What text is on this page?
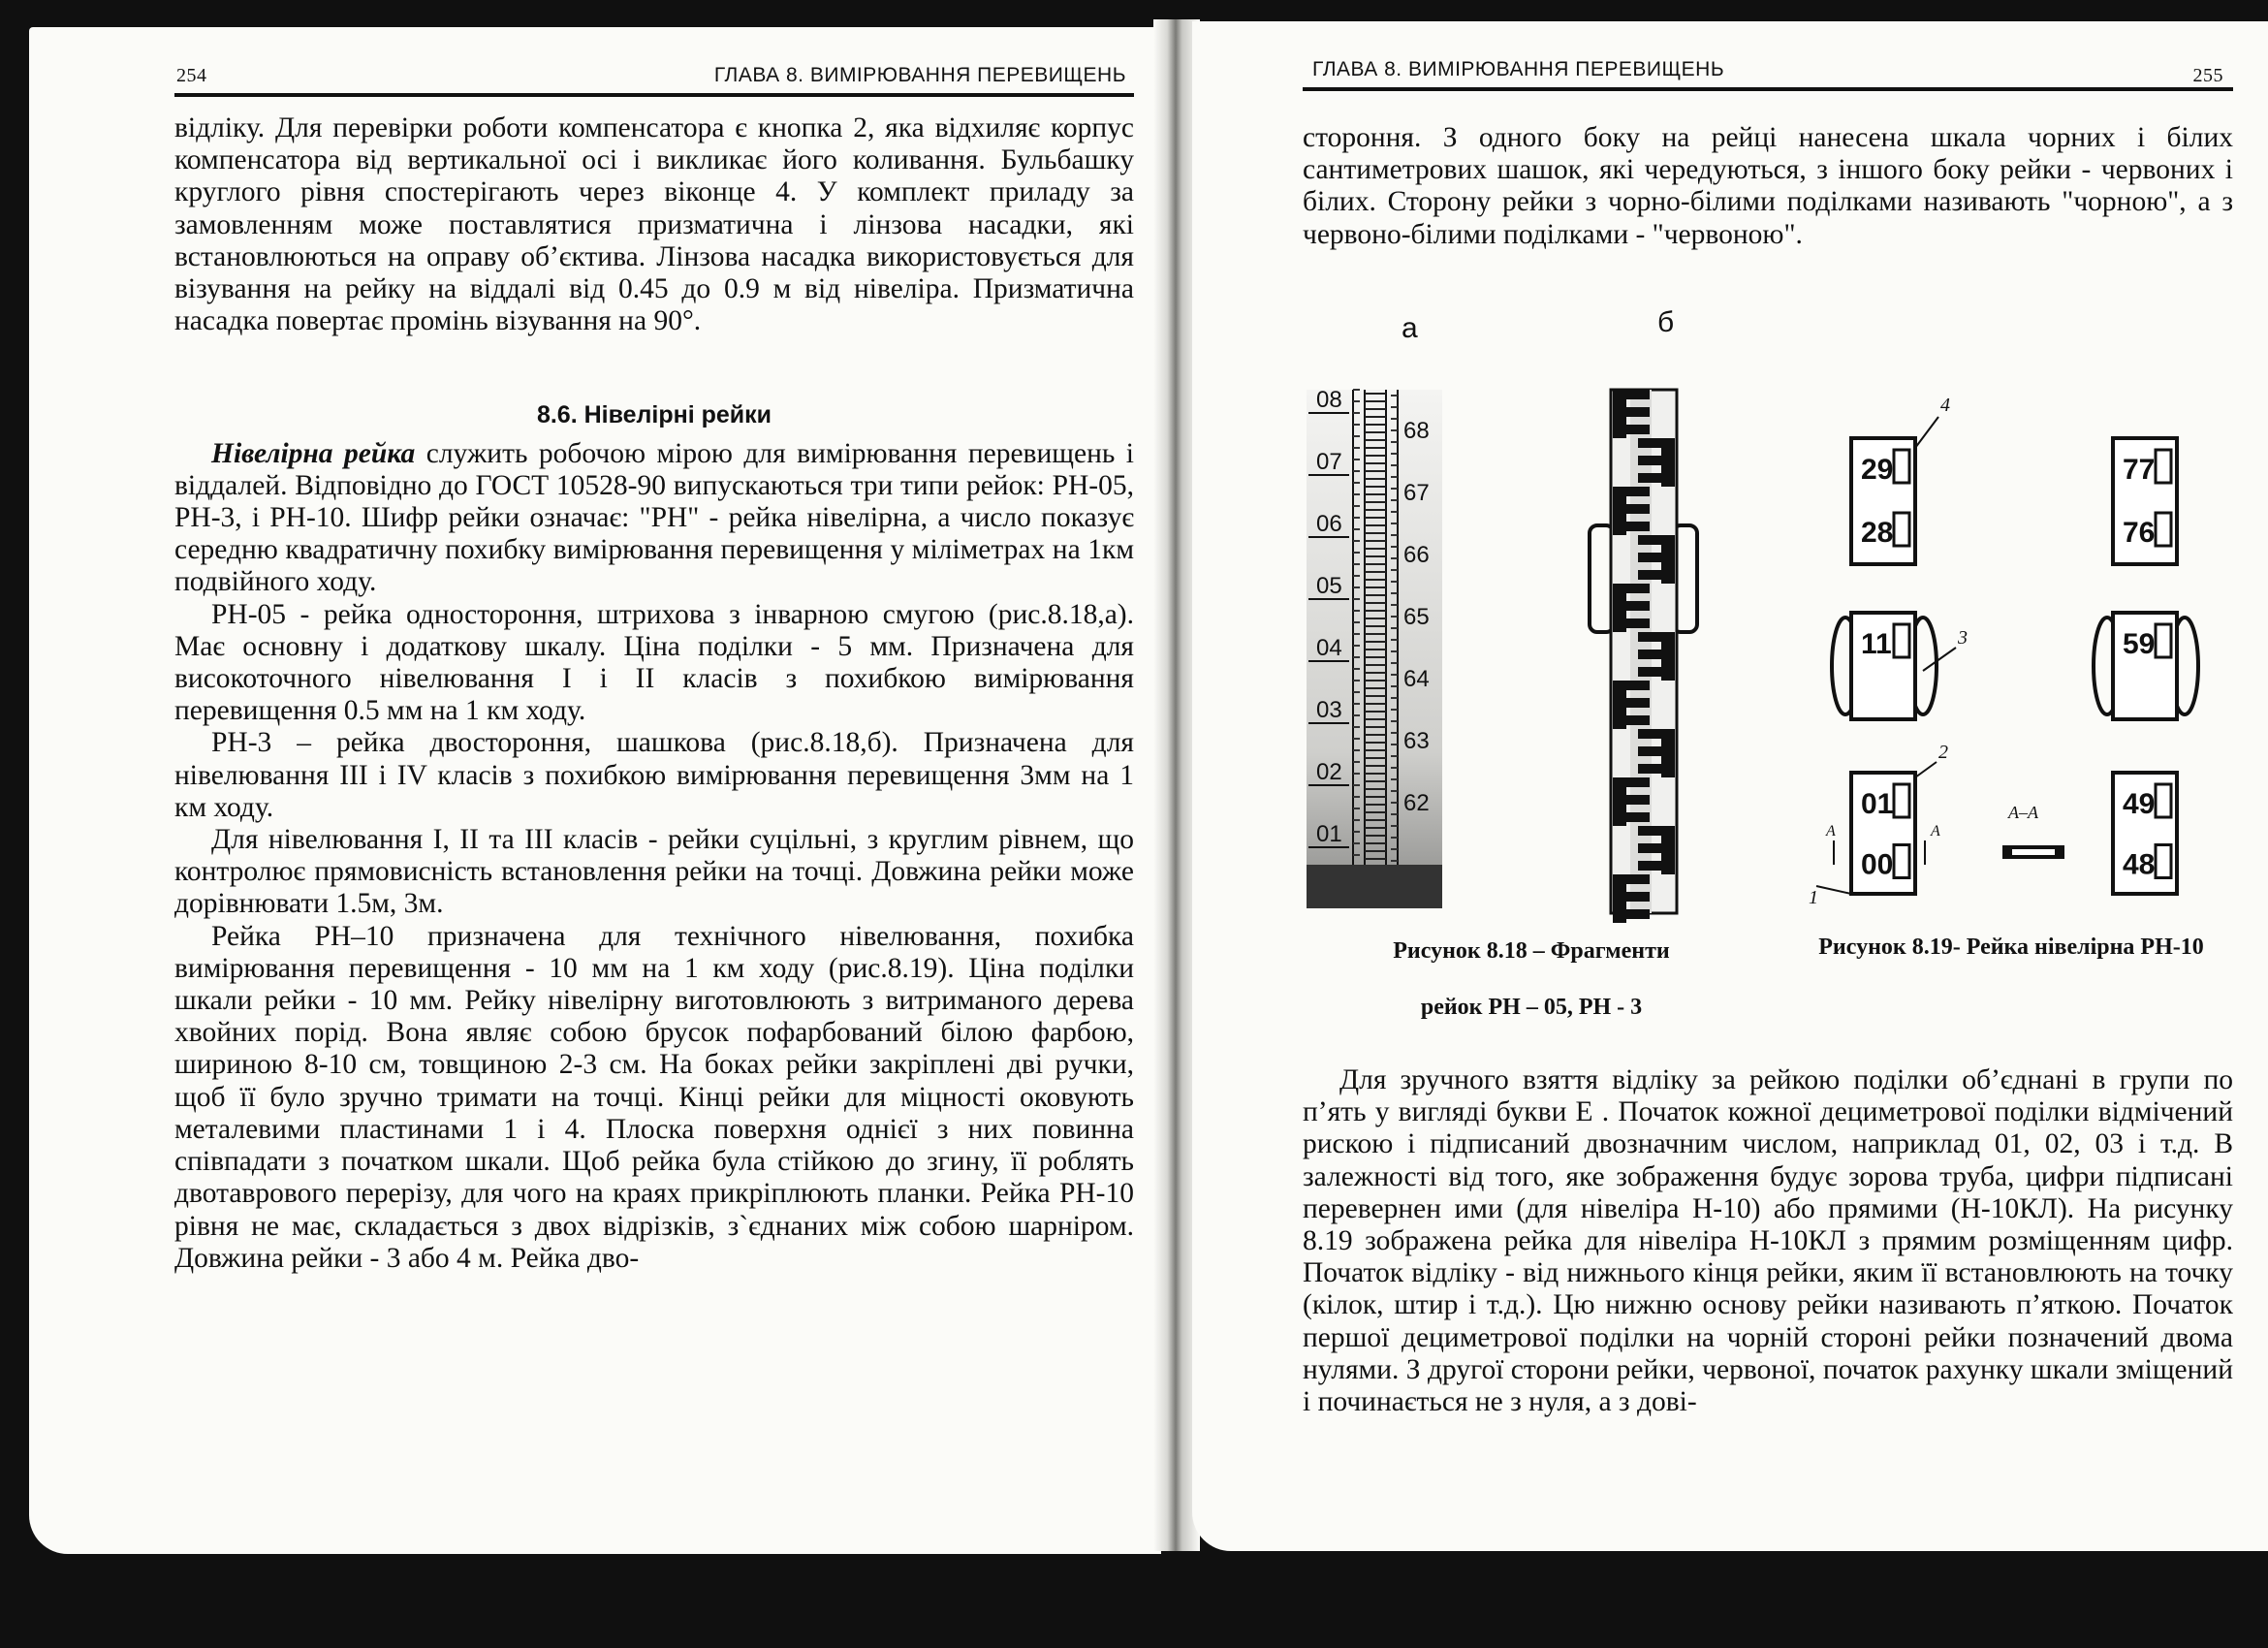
254	ГЛАВА 8. ВИМІРЮВАННЯ ПЕРЕВИЩЕНЬ

відліку. Для перевірки роботи компенсатора є кнопка 2, яка відхиляє корпус компенсатора від вертикальної осі і викликає його коливання. Бульбашку круглого рівня спостерігають через віконце 4. У комплект приладу за замовленням може поставлятися призматична і лінзова насадки, які встановлюються на оправу об’єктива. Лінзова насадка використовується для візування на рейку на віддалі від 0.45 до 0.9 м від нівеліра. Призматична насадка повертає промінь візування на 90°.

8.6. Нівелірні рейки

Нівелірна рейка служить робочою мірою для вимірювання перевищень і віддалей. Відповідно до ГОСТ 10528-90 випускаються три типи рейок: РН-05, РН-3, і РН-10. Шифр рейки означає: "РН" - рейка нівелірна, а число показує середню квадратичну похибку вимірювання перевищення у міліметрах на 1км подвійного ходу.

РН-05 - рейка одностороння, штрихова з інварною смугою (рис.8.18,а). Має основну і додаткову шкалу. Ціна поділки - 5 мм. Призначена для високоточного нівелювання I і II класів з похибкою вимірювання перевищення 0.5 мм на 1 км ходу.

РН-3 – рейка двостороння, шашкова (рис.8.18,б). Призначена для нівелювання III і IV класів з похибкою вимірювання перевищення 3мм на 1 км ходу.

Для нівелювання I, II та III класів - рейки суцільні, з круглим рівнем, що контролює прямовисність встановлення рейки на точці. Довжина рейки може дорівнювати 1.5м, 3м.

Рейка РН–10 призначена для технічного нівелювання, похибка вимірювання перевищення - 10 мм на 1 км ходу (рис.8.19). Ціна поділки шкали рейки - 10 мм. Рейку нівелірну виготовлюють з витриманого дерева хвойних порід. Вона являє собою брусок пофарбований білою фарбою, шириною 8-10 см, товщиною 2-3 см. На боках рейки закріплені дві ручки, щоб її було зручно тримати на точці. Кінці рейки для міцності оковують металевими пластинами 1 і 4. Плоска поверхня однієї з них повинна співпадати з початком шкали. Щоб рейка була стійкою до згину, її роблять двотаврового перерізу, для чого на краях прикріплюють планки. Рейка РН-10 рівня не має, складається з двох відрізків, з`єднаних між собою шарніром. Довжина рейки - 3 або 4 м. Рейка дво-

ГЛАВА 8. ВИМІРЮВАННЯ ПЕРЕВИЩЕНЬ	255

стороння. З одного боку на рейці нанесена шкала чорних і білих сантиметрових шашок, які чередуються, з іншого боку рейки - червоних і білих. Сторону рейки з чорно-білими поділками називають "чорною", а з червоно-білими поділками - "червоною".

а	б
08
07
06
05
04
03
02
01
68
67
66
65
64
63
62
29
28
11
01
00
77
76
59
49
48
4
3
2
1
А	А
А–А
Рисунок 8.18 – Фрагменти
рейок РН – 05, РН - 3
Рисунок 8.19- Рейка нівелірна РН-10

Для зручного взяття відліку за рейкою поділки об’єднані в групи по п’ять у вигляді букви Е . Початок кожної дециметрової поділки відмічений рискою і підписаний двозначним числом, наприклад 01, 02, 03 і т.д. В залежності від того, яке зображення будує зорова труба, цифри підписані перевернен ими (для нівеліра Н-10) або прямими (Н-10КЛ). На рисунку 8.19 зображена рейка для нівеліра Н-10КЛ з прямим розміщенням цифр. Початок відліку - від нижнього кінця рейки, яким її встановлюють на точку (кілок, штир і т.д.). Цю нижню основу рейки називають п’яткою. Початок першої дециметрової поділки на чорній стороні рейки позначений двома нулями. З другої сторони рейки, червоної, початок рахунку шкали зміщений і починається не з нуля, а з дові-
